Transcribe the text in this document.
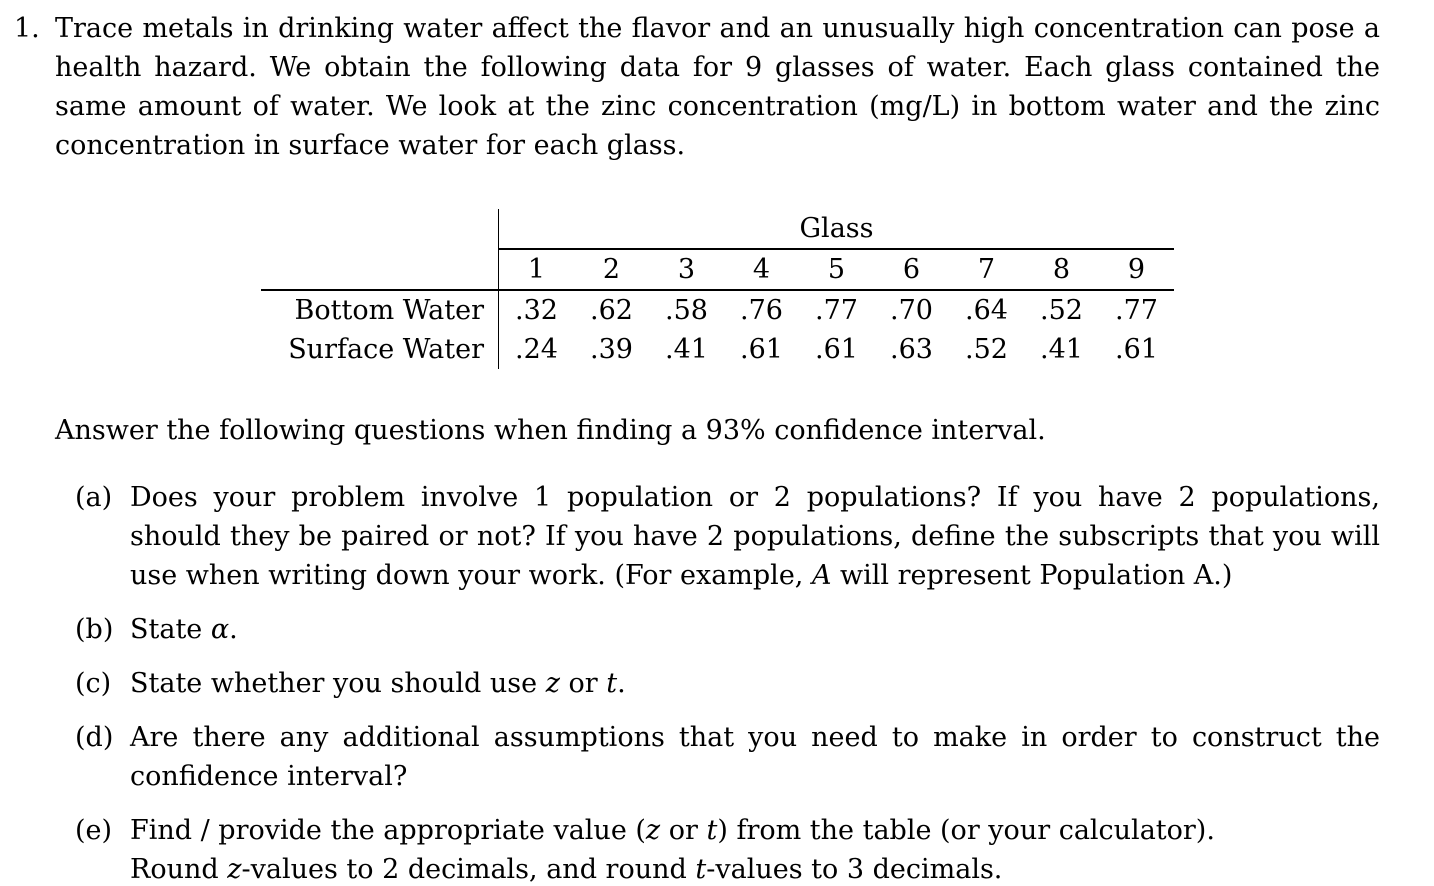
1. Trace metals in drinking water affect the flavor and an unusually high concentration can pose a health hazard. We obtain the following data for 9 glasses of water. Each glass contained the same amount of water. We look at the zinc concentration (mg/L) in bottom water and the zinc concentration in surface water for each glass.

	Glass								
	1	2	3	4	5	6	7	8	9
Bottom Water	.32	.62	.58	.76	.77	.70	.64	.52	.77
Surface Water	.24	.39	.41	.61	.61	.63	.52	.41	.61

Answer the following questions when finding a 93% confidence interval.

(a) Does your problem involve 1 population or 2 populations? If you have 2 populations, should they be paired or not? If you have 2 populations, define the subscripts that you will use when writing down your work. (For example, A will represent Population A.)
(b) State α.
(c) State whether you should use z or t.
(d) Are there any additional assumptions that you need to make in order to construct the confidence interval?
(e) Find / provide the appropriate value (z or t) from the table (or your calculator).
Round z-values to 2 decimals, and round t-values to 3 decimals.
